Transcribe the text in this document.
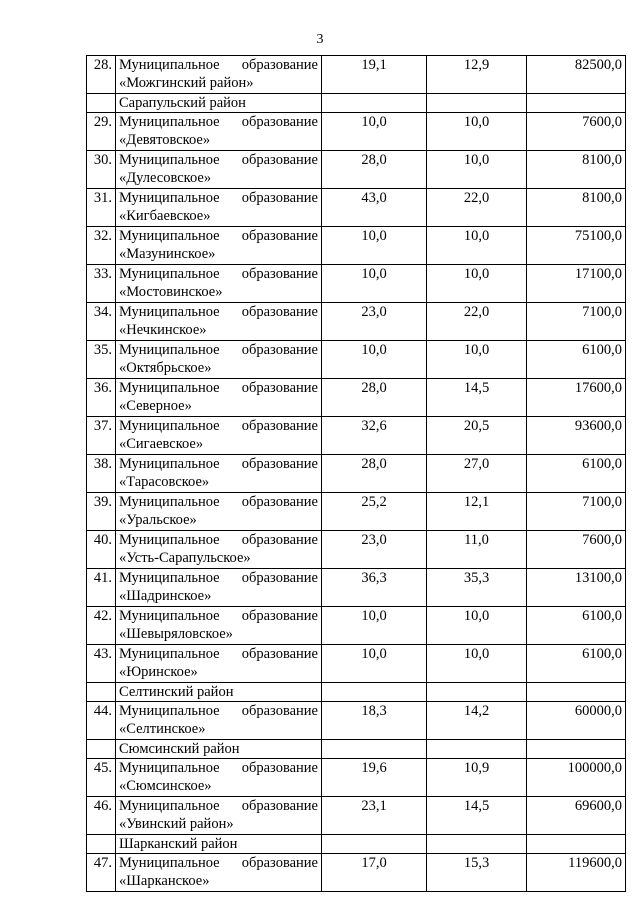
3
28.	Муниципальное образование
«Можгинский район»	19,1	12,9	82500,0
	Сарапульский район			
29.	Муниципальное образование
«Девятовское»	10,0	10,0	7600,0
30.	Муниципальное образование
«Дулесовское»	28,0	10,0	8100,0
31.	Муниципальное образование
«Кигбаевское»	43,0	22,0	8100,0
32.	Муниципальное образование
«Мазунинское»	10,0	10,0	75100,0
33.	Муниципальное образование
«Мостовинское»	10,0	10,0	17100,0
34.	Муниципальное образование
«Нечкинское»	23,0	22,0	7100,0
35.	Муниципальное образование
«Октябрьское»	10,0	10,0	6100,0
36.	Муниципальное образование
«Северное»	28,0	14,5	17600,0
37.	Муниципальное образование
«Сигаевское»	32,6	20,5	93600,0
38.	Муниципальное образование
«Тарасовское»	28,0	27,0	6100,0
39.	Муниципальное образование
«Уральское»	25,2	12,1	7100,0
40.	Муниципальное образование
«Усть-Сарапульское»	23,0	11,0	7600,0
41.	Муниципальное образование
«Шадринское»	36,3	35,3	13100,0
42.	Муниципальное образование
«Шевыряловское»	10,0	10,0	6100,0
43.	Муниципальное образование
«Юринское»	10,0	10,0	6100,0
	Селтинский район			
44.	Муниципальное образование
«Селтинское»	18,3	14,2	60000,0
	Сюмсинский район			
45.	Муниципальное образование
«Сюмсинское»	19,6	10,9	100000,0
46.	Муниципальное образование
«Увинский район»	23,1	14,5	69600,0
	Шарканский район			
47.	Муниципальное образование
«Шарканское»	17,0	15,3	119600,0
